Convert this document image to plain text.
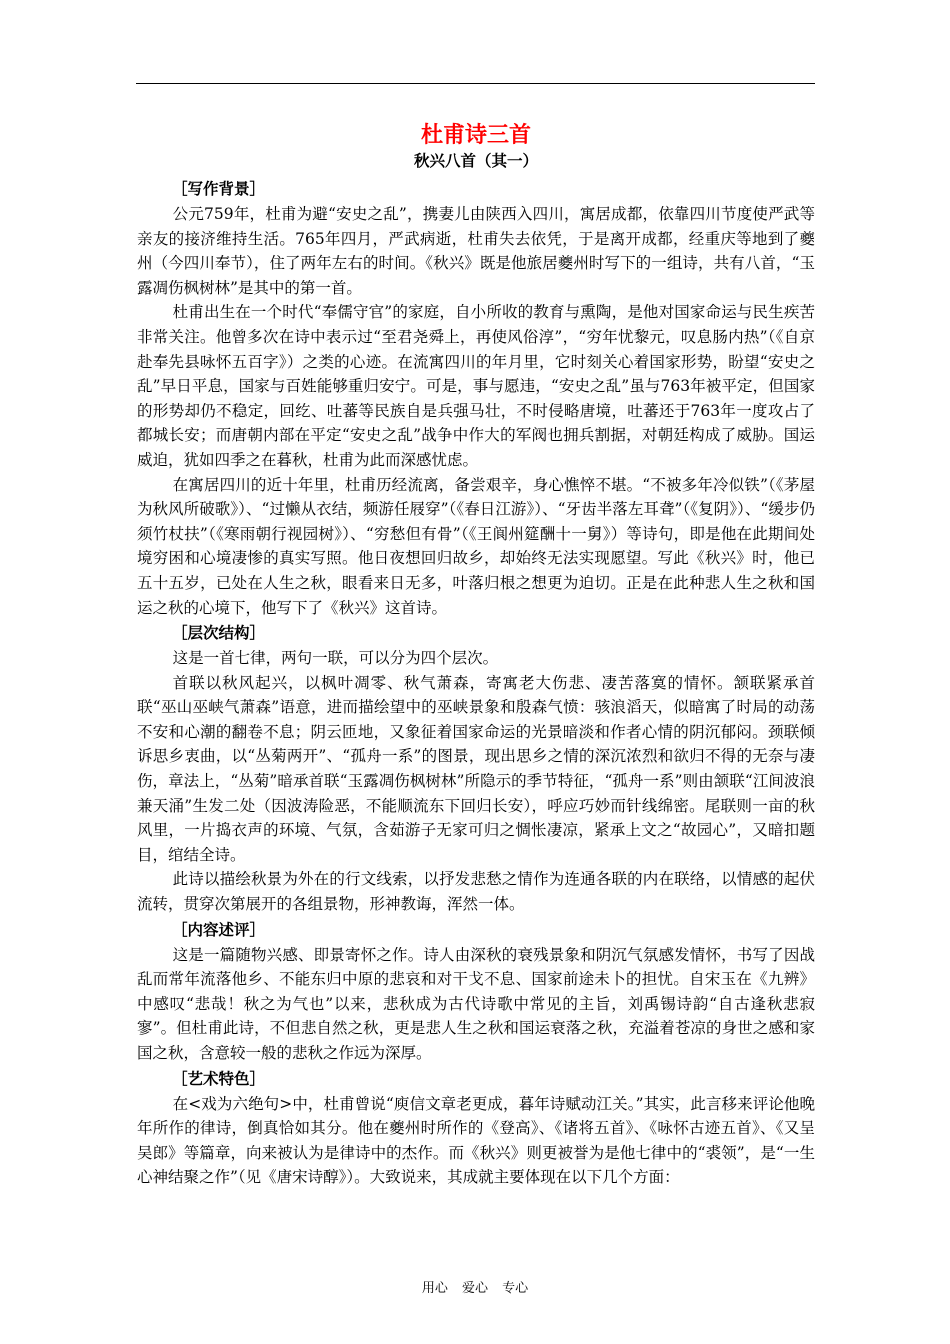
杜甫诗三首
秋兴八首（其一）
［写作背景］

公元759年，杜甫为避“安史之乱”，携妻儿由陕西入四川，寓居成都，依靠四川节度使严武等亲友的接济维持生活。765年四月，严武病逝，杜甫失去依凭，于是离开成都，经重庆等地到了夔州（今四川奉节），住了两年左右的时间。《秋兴》既是他旅居夔州时写下的一组诗，共有八首，“玉露凋伤枫树林”是其中的第一首。

杜甫出生在一个时代“奉儒守官”的家庭，自小所收的教育与熏陶，是他对国家命运与民生疾苦非常关注。他曾多次在诗中表示过“至君尧舜上，再使风俗淳”，“穷年忧黎元，叹息肠内热”（《自京赴奉先县咏怀五百字》）之类的心迹。在流寓四川的年月里，它时刻关心着国家形势，盼望“安史之乱”早日平息，国家与百姓能够重归安宁。可是，事与愿违，“安史之乱”虽与763年被平定，但国家的形势却仍不稳定，回纥、吐蕃等民族自是兵强马壮，不时侵略唐境，吐蕃还于763年一度攻占了都城长安；而唐朝内部在平定“安史之乱”战争中作大的军阀也拥兵割据，对朝廷构成了威胁。国运威迫，犹如四季之在暮秋，杜甫为此而深感忧虑。

在寓居四川的近十年里，杜甫历经流离，备尝艰辛，身心憔悴不堪。“不被多年冷似铁”（《茅屋为秋风所破歌》）、“过懒从衣结，频游任屐穿”（《春日江游》）、“牙齿半落左耳聋”（《复阴》）、“缓步仍须竹杖扶”（《寒雨朝行视园树》）、“穷愁但有骨”（《王阆州筵酬十一舅》）等诗句，即是他在此期间处境穷困和心境凄惨的真实写照。他日夜想回归故乡，却始终无法实现愿望。写此《秋兴》时，他已五十五岁，已处在人生之秋，眼看来日无多，叶落归根之想更为迫切。正是在此种悲人生之秋和国运之秋的心境下，他写下了《秋兴》这首诗。

［层次结构］

这是一首七律，两句一联，可以分为四个层次。

首联以秋风起兴，以枫叶凋零、秋气萧森，寄寓老大伤悲、凄苦落寞的情怀。颔联紧承首联“巫山巫峡气萧森”语意，进而描绘望中的巫峡景象和殷森气愤：骇浪滔天，似暗寓了时局的动荡不安和心潮的翻卷不息；阴云匝地，又象征着国家命运的光景暗淡和作者心情的阴沉郁闷。颈联倾诉思乡衷曲，以“丛菊两开”、“孤舟一系”的图景，现出思乡之情的深沉浓烈和欲归不得的无奈与凄伤，章法上，“丛菊”暗承首联“玉露凋伤枫树林”所隐示的季节特征，“孤舟一系”则由颔联“江间波浪兼天涌”生发二处（因波涛险恶，不能顺流东下回归长安），呼应巧妙而针线绵密。尾联则一亩的秋风里，一片捣衣声的环境、气氛，含茹游子无家可归之惆怅凄凉，紧承上文之“故园心”，又暗扣题目，绾结全诗。

此诗以描绘秋景为外在的行文线索，以抒发悲愁之情作为连通各联的内在联络，以情感的起伏流转，贯穿次第展开的各组景物，形神教诲，浑然一体。

［内容述评］

这是一篇随物兴感、即景寄怀之作。诗人由深秋的衰残景象和阴沉气氛感发情怀，书写了因战乱而常年流落他乡、不能东归中原的悲哀和对干戈不息、国家前途未卜的担忧。自宋玉在《九辨》中感叹“悲哉！秋之为气也”以来，悲秋成为古代诗歌中常见的主旨，刘禹锡诗韵“自古逢秋悲寂寥”。但杜甫此诗，不但悲自然之秋，更是悲人生之秋和国运衰落之秋，充溢着苍凉的身世之感和家国之秋，含意较一般的悲秋之作远为深厚。

［艺术特色］

在<戏为六绝句>中，杜甫曾说“庾信文章老更成，暮年诗赋动江关。”其实，此言移来评论他晚年所作的律诗，倒真恰如其分。他在夔州时所作的《登高》、《诸将五首》、《咏怀古迹五首》、《又呈吴郎》等篇章，向来被认为是律诗中的杰作。而《秋兴》则更被誉为是他七律中的“裘领”，是“一生心神结聚之作”（见《唐宋诗醇》）。大致说来，其成就主要体现在以下几个方面：

用心 爱心 专心
